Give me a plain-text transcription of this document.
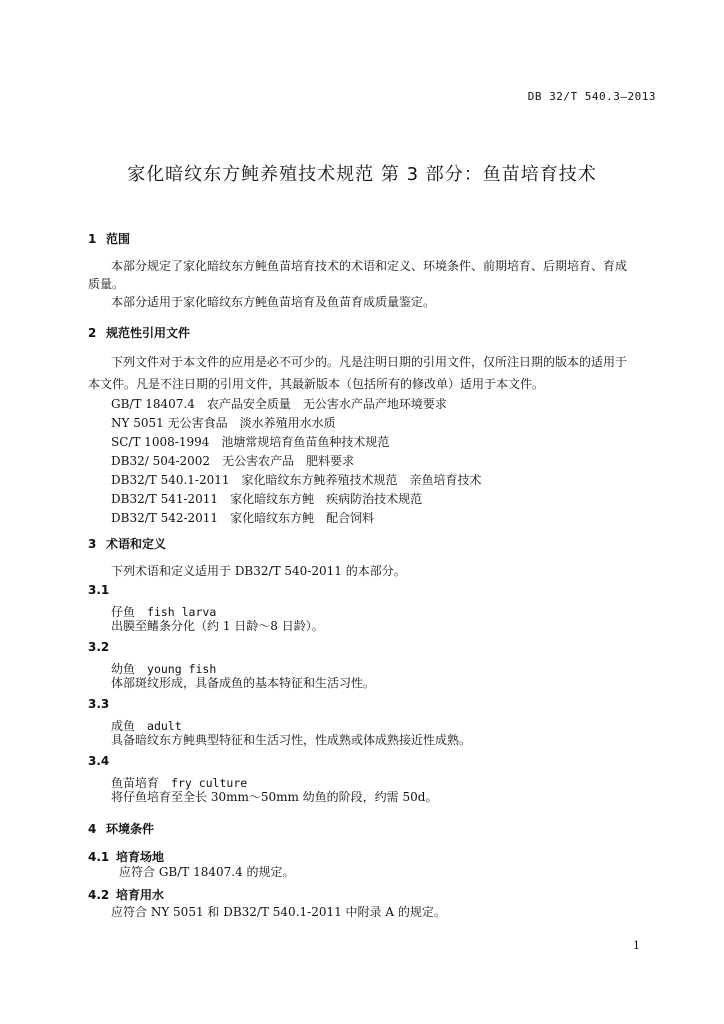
DB 32/T 540.3—2013
家化暗纹东方鲀养殖技术规范 第 3 部分：鱼苗培育技术
1 范围
本部分规定了家化暗纹东方鲀鱼苗培育技术的术语和定义、环境条件、前期培育、后期培育、育成
质量。
本部分适用于家化暗纹东方鲀鱼苗培育及鱼苗育成质量鉴定。
2 规范性引用文件
下列文件对于本文件的应用是必不可少的。凡是注明日期的引用文件，仅所注日期的版本的适用于
本文件。凡是不注日期的引用文件，其最新版本（包括所有的修改单）适用于本文件。
GB/T 18407.4　 农产品安全质量　无公害水产品产地环境要求
NY 5051 无公害食品　淡水养殖用水水质
SC/T 1008-1994　 池塘常规培育鱼苗鱼种技术规范
DB32/ 504-2002　 无公害农产品　肥料要求
DB32/T 540.1-2011　 家化暗纹东方鲀养殖技术规范　亲鱼培育技术
DB32/T 541-2011　 家化暗纹东方鲀　疾病防治技术规范
DB32/T 542-2011　 家化暗纹东方鲀　配合饲料
3 术语和定义
下列术语和定义适用于 DB32/T 540-2011 的本部分。
3.1
仔鱼 fish larva
出膜至鳍条分化（约 1 日龄～8 日龄）。
3.2
幼鱼 young fish
体部斑纹形成，具备成鱼的基本特征和生活习性。
3.3
成鱼 adult
具备暗纹东方鲀典型特征和生活习性，性成熟或体成熟接近性成熟。
3.4
鱼苗培育 fry culture
将仔鱼培育至全长 30mm～50mm 幼鱼的阶段，约需 50d。
4 环境条件
4.1 培育场地
应符合 GB/T 18407.4 的规定。
4.2 培育用水
应符合 NY 5051 和 DB32/T 540.1-2011 中附录 A 的规定。
1
